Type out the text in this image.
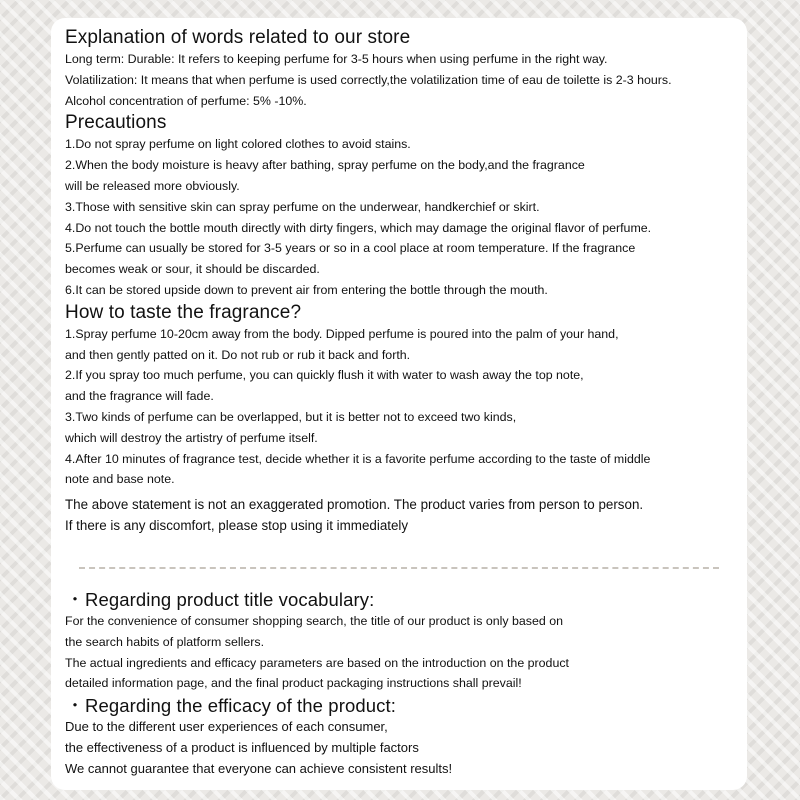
Explanation of words related to our store

Long term: Durable: It refers to keeping perfume for 3-5 hours when using perfume in the right way.

Volatilization: It means that when perfume is used correctly,the volatilization time of eau de toilette is 2-3 hours.

Alcohol concentration of perfume: 5% -10%.

Precautions

1.Do not spray perfume on light colored clothes to avoid stains.

2.When the body moisture is heavy after bathing, spray perfume on the body,and the fragrance

will be released more obviously.

3.Those with sensitive skin can spray perfume on the underwear, handkerchief or skirt.

4.Do not touch the bottle mouth directly with dirty fingers, which may damage the original flavor of perfume.

5.Perfume can usually be stored for 3-5 years or so in a cool place at room temperature. If the fragrance

becomes weak or sour, it should be discarded.

6.It can be stored upside down to prevent air from entering the bottle through the mouth.

How to taste the fragrance?

1.Spray perfume 10-20cm away from the body. Dipped perfume is poured into the palm of your hand,

and then gently patted on it. Do not rub or rub it back and forth.

2.If you spray too much perfume, you can quickly flush it with water to wash away the top note,

and the fragrance will fade.

3.Two kinds of perfume can be overlapped, but it is better not to exceed two kinds,

which will destroy the artistry of perfume itself.

4.After 10 minutes of fragrance test, decide whether it is a favorite perfume according to the taste of middle

note and base note.

The above statement is not an exaggerated promotion. The product varies from person to person.

If there is any discomfort, please stop using it immediately

・Regarding product title vocabulary:

For the convenience of consumer shopping search, the title of our product is only based on

the search habits of platform sellers.

The actual ingredients and efficacy parameters are based on the introduction on the product

detailed information page, and the final product packaging instructions shall prevail!

・Regarding the efficacy of the product:

Due to the different user experiences of each consumer,

the effectiveness of a product is influenced by multiple factors

We cannot guarantee that everyone can achieve consistent results!
